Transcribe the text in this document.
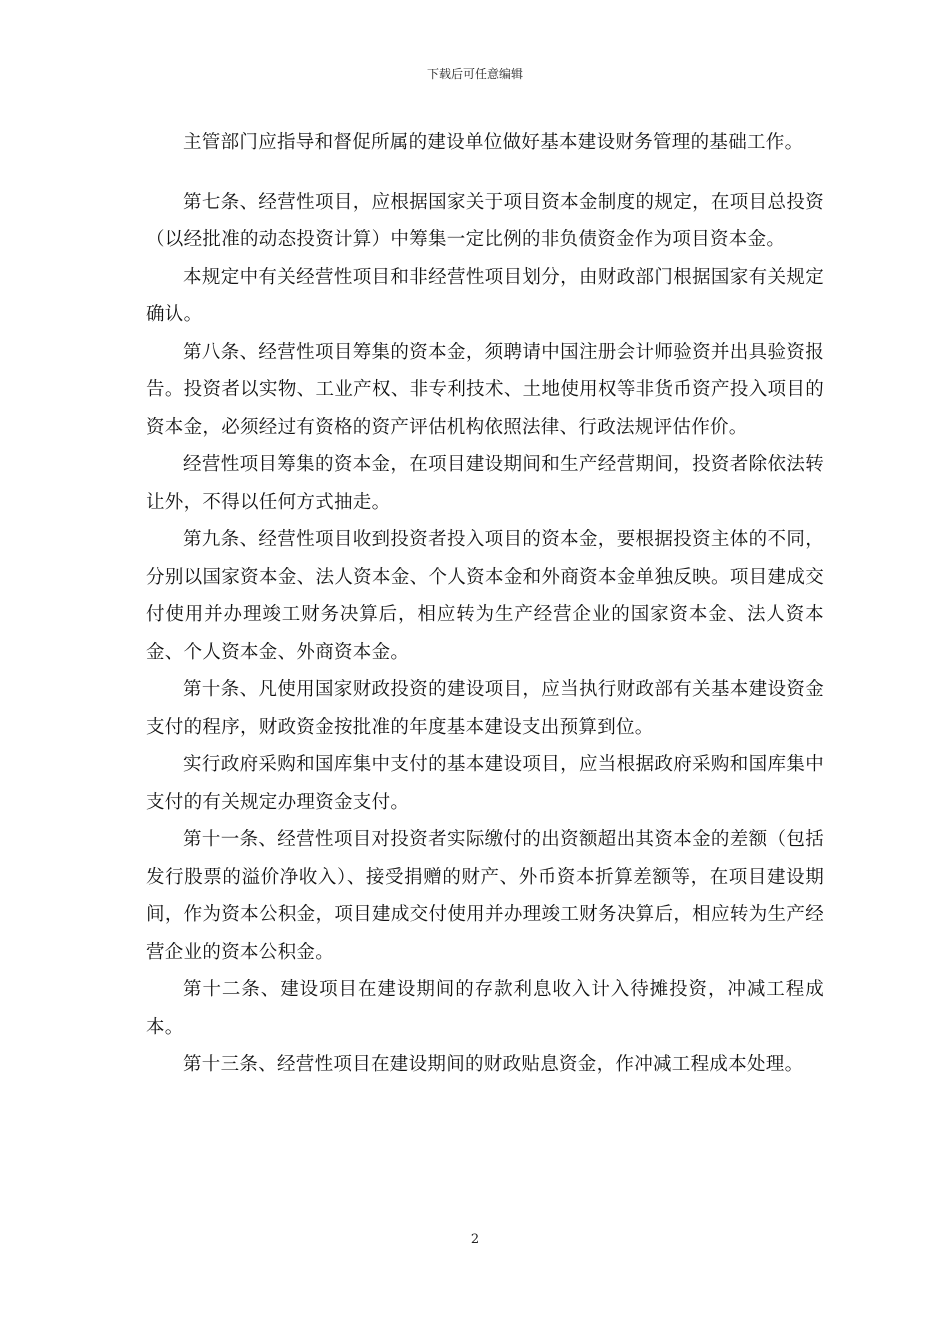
下载后可任意编辑

主管部门应指导和督促所属的建设单位做好基本建设财务管理的基础工作。

第七条、经营性项目，应根据国家关于项目资本金制度的规定，在项目总投资（以经批准的动态投资计算）中筹集一定比例的非负债资金作为项目资本金。

本规定中有关经营性项目和非经营性项目划分，由财政部门根据国家有关规定确认。

第八条、经营性项目筹集的资本金，须聘请中国注册会计师验资并出具验资报告。投资者以实物、工业产权、非专利技术、土地使用权等非货币资产投入项目的资本金，必须经过有资格的资产评估机构依照法律、行政法规评估作价。

经营性项目筹集的资本金，在项目建设期间和生产经营期间，投资者除依法转让外，不得以任何方式抽走。

第九条、经营性项目收到投资者投入项目的资本金，要根据投资主体的不同，分别以国家资本金、法人资本金、个人资本金和外商资本金单独反映。项目建成交付使用并办理竣工财务决算后，相应转为生产经营企业的国家资本金、法人资本金、个人资本金、外商资本金。

第十条、凡使用国家财政投资的建设项目，应当执行财政部有关基本建设资金支付的程序，财政资金按批准的年度基本建设支出预算到位。

实行政府采购和国库集中支付的基本建设项目，应当根据政府采购和国库集中支付的有关规定办理资金支付。

第十一条、经营性项目对投资者实际缴付的出资额超出其资本金的差额（包括发行股票的溢价净收入）、接受捐赠的财产、外币资本折算差额等，在项目建设期间，作为资本公积金，项目建成交付使用并办理竣工财务决算后，相应转为生产经营企业的资本公积金。

第十二条、建设项目在建设期间的存款利息收入计入待摊投资，冲减工程成本。

第十三条、经营性项目在建设期间的财政贴息资金，作冲减工程成本处理。

2
